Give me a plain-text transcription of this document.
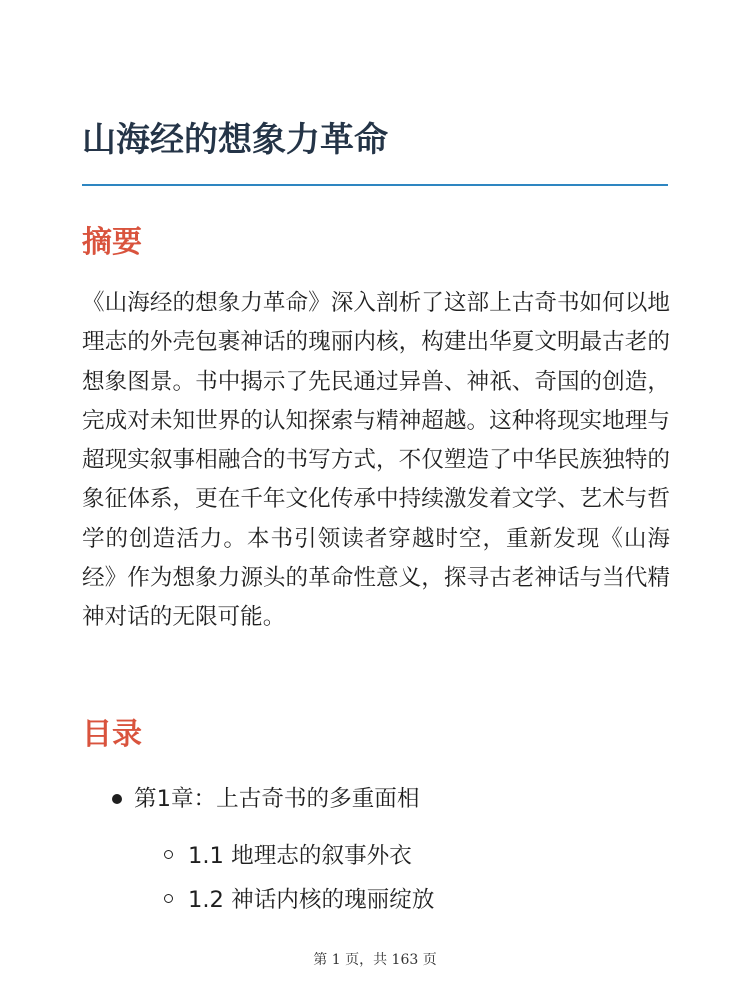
山海经的想象力革命
摘要

《山海经的想象力革命》深入剖析了这部上古奇书如何以地理志的外壳包裹神话的瑰丽内核，构建出华夏文明最古老的想象图景。书中揭示了先民通过异兽、神祇、奇国的创造，完成对未知世界的认知探索与精神超越。这种将现实地理与超现实叙事相融合的书写方式，不仅塑造了中华民族独特的象征体系，更在千年文化传承中持续激发着文学、艺术与哲学的创造活力。本书引领读者穿越时空，重新发现《山海经》作为想象力源头的革命性意义，探寻古老神话与当代精神对话的无限可能。

目录
第1章：上古奇书的多重面相
1.1 地理志的叙事外衣
1.2 神话内核的瑰丽绽放
第 1 页，共 163 页
